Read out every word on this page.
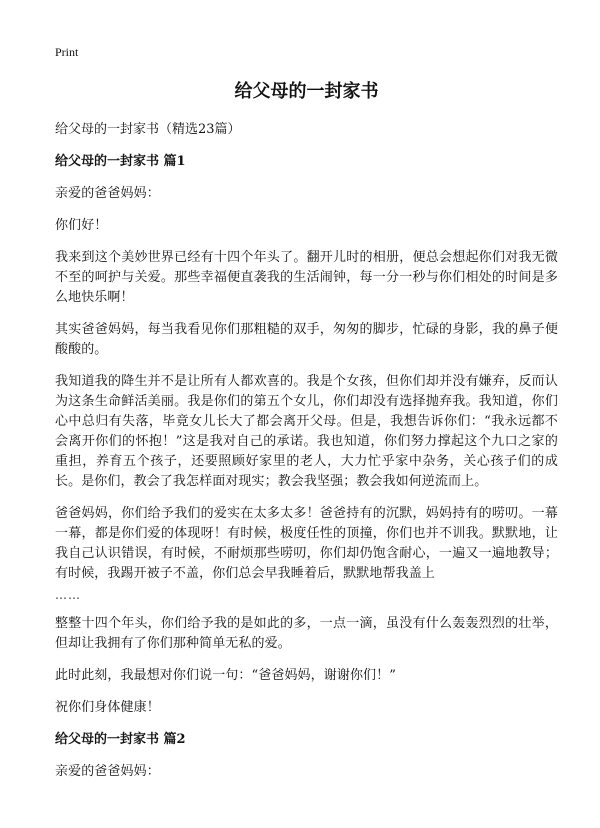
Print
给父母的一封家书
给父母的一封家书（精选23篇）
给父母的一封家书 篇1
亲爱的爸爸妈妈：
你们好！
我来到这个美妙世界已经有十四个年头了。翻开儿时的相册，便总会想起你们对我无微不至的呵护与关爱。那些幸福便直袭我的生活闹钟，每一分一秒与你们相处的时间是多么地快乐啊！
其实爸爸妈妈，每当我看见你们那粗糙的双手，匆匆的脚步，忙碌的身影，我的鼻子便酸酸的。
我知道我的降生并不是让所有人都欢喜的。我是个女孩，但你们却并没有嫌弃，反而认为这条生命鲜活美丽。我是你们的第五个女儿，你们却没有选择抛弃我。我知道，你们心中总归有失落，毕竟女儿长大了都会离开父母。但是，我想告诉你们：“我永远都不会离开你们的怀抱！”这是我对自己的承诺。我也知道，你们努力撑起这个九口之家的重担，养育五个孩子，还要照顾好家里的老人，大力忙乎家中杂务，关心孩子们的成长。是你们，教会了我怎样面对现实；教会我坚强；教会我如何逆流而上。
爸爸妈妈，你们给予我们的爱实在太多太多！爸爸持有的沉默，妈妈持有的唠叨。一幕一幕，都是你们爱的体现呀！有时候，极度任性的顶撞，你们也并不训我。默默地，让我自己认识错误，有时候，不耐烦那些唠叨，你们却仍饱含耐心，一遍又一遍地教导；有时候，我踢开被子不盖，你们总会早我睡着后，默默地帮我盖上
……
整整十四个年头，你们给予我的是如此的多，一点一滴，虽没有什么轰轰烈烈的壮举，但却让我拥有了你们那种简单无私的爱。
此时此刻，我最想对你们说一句：“爸爸妈妈，谢谢你们！”
祝你们身体健康！
给父母的一封家书 篇2
亲爱的爸爸妈妈：
